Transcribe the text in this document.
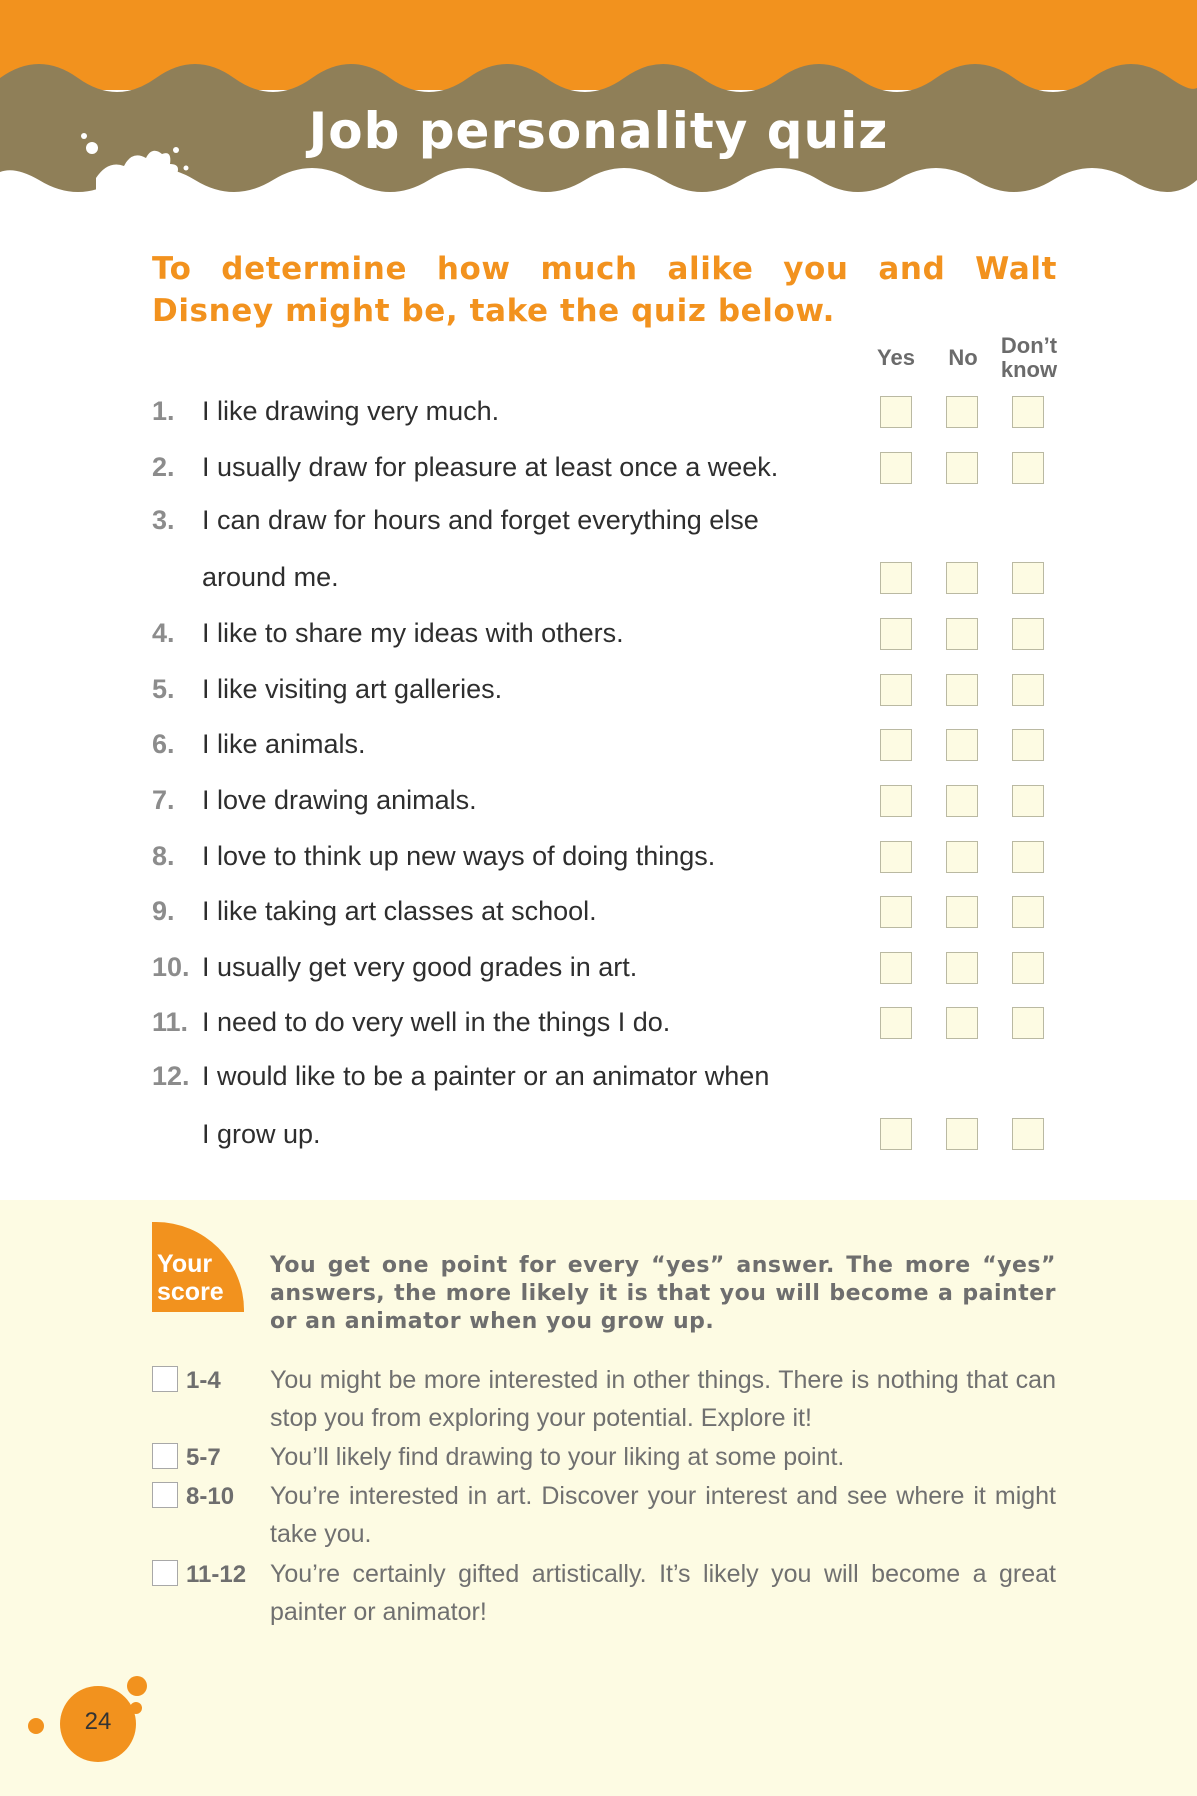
Job personality quiz
To determine how much alike you and Walt Disney might be, take the quiz below.
Yes	No	Don’t
know
1. I like drawing very much.
2. I usually draw for pleasure at least once a week.
3. I can draw for hours and forget everything else
around me.
4. I like to share my ideas with others.
5. I like visiting art galleries.
6. I like animals.
7. I love drawing animals.
8. I love to think up new ways of doing things.
9. I like taking art classes at school.
10. I usually get very good grades in art.
11. I need to do very well in the things I do.
12. I would like to be a painter or an animator when
I grow up.
Your
score
You get one point for every “yes” answer. The more “yes” answers, the more likely it is that you will become a painter or an animator when you grow up.
1-4 You might be more interested in other things. There is nothing that can stop you from exploring your potential. Explore it!
5-7 You’ll likely find drawing to your liking at some point.
8-10 You’re interested in art. Discover your interest and see where it might take you.
11-12 You’re certainly gifted artistically. It’s likely you will become a great painter or animator!
24
